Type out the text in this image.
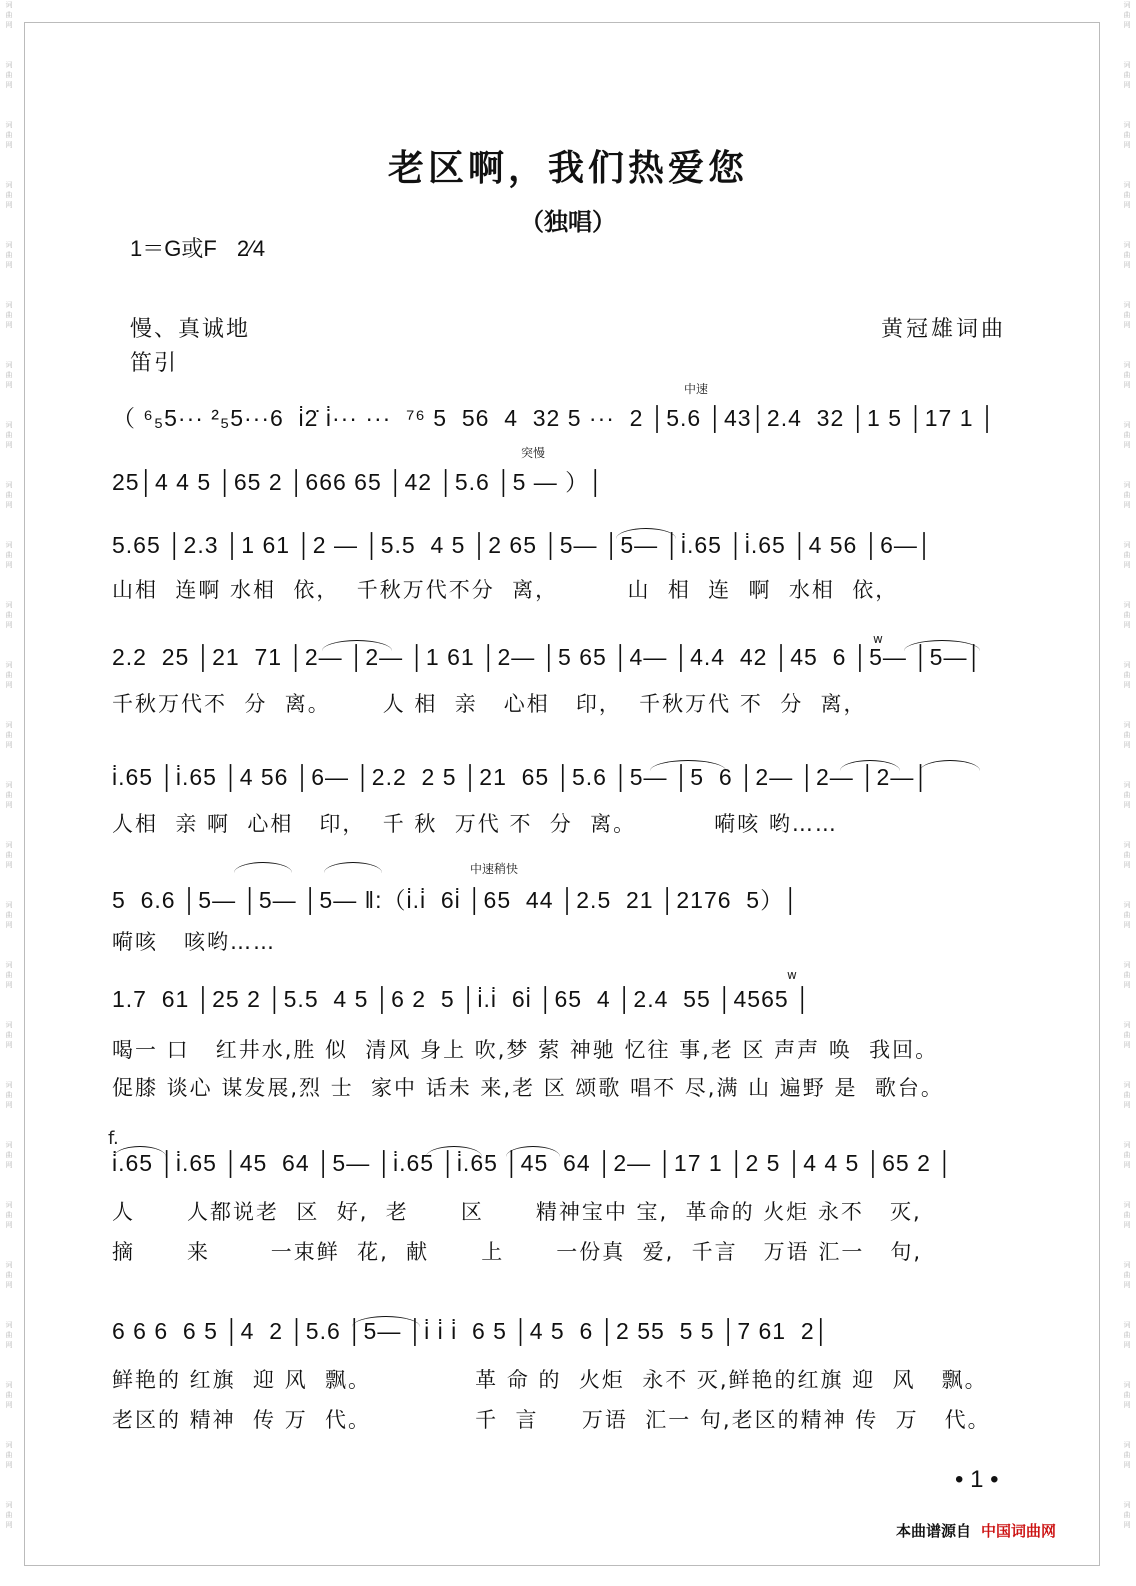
词
曲
网
词
曲
网
词
曲
网
词
曲
网
词
曲
网
词
曲
网
词
曲
网
词
曲
网
词
曲
网
词
曲
网
词
曲
网
词
曲
网
词
曲
网
词
曲
网
词
曲
网
词
曲
网
词
曲
网
词
曲
网
词
曲
网
词
曲
网
词
曲
网
词
曲
网
词
曲
网
词
曲
网
词
曲
网
词
曲
网
词
曲
网
词
曲
网
词
曲
网
词
曲
网
词
曲
网
词
曲
网
词
曲
网
词
曲
网
词
曲
网
词
曲
网
词
曲
网
词
曲
网
词
曲
网
词
曲
网
词
曲
网
词
曲
网
词
曲
网
词
曲
网
词
曲
网
词
曲
网
词
曲
网
词
曲
网
词
曲
网
词
曲
网
词
曲
网
词
曲
网
老区啊，我们热爱您
（独唱）
1＝G或F 2⁄4
慢、真诚地
笛引
黄冠雄词曲
中速
突慢
中速稍快
f.
w
w
（ ⁶₅5··· ²₅5···6  i̇2̇ i̇··· ···  ⁷⁶ 5  56  4  32 5 ···  2 │5.6 │43│2.4  32 │1 5 │17 1 │
25│4 4 5 │65 2 │666 65 │42 │5.6 │5 — ）│
5.65 │2.3 │1 61 │2 — │5.5  4 5 │2 65 │5— │5— │i̇.65 │i̇.65 │4 56 │6—│
山相  连啊 水相  依，  千秋万代不分  离，        山  相  连  啊  水相  依，
2.2  25 │21  71 │2— │2— │1 61 │2— │5 65 │4— │4.4  42 │45  6 │5— │5—│
千秋万代不  分  离。      人 相  亲   心相   印，  千秋万代 不  分  离，
i̇.65 │i̇.65 │4 56 │6— │2.2  2 5 │21  65 │5.6 │5— │5  6 │2— │2— │2—│
人相  亲 啊  心相   印，  千 秋  万代 不  分  离。         嗬咳 哟……
5  6.6 │5— │5— │5— ‖:（i̇.i̇  6i̇ │65  44 │2.5  21 │2176  5）│
嗬咳   咳哟……
1.7  61 │25 2 │5.5  4 5 │6 2  5 │i̇.i̇  6i̇ │65  4 │2.4  55 │4565 │
喝一 口   红井水,胜 似  清风 身上 吹,梦 萦 神驰 忆往 事,老 区 声声 唤  我回。
促膝 谈心 谋发展,烈 士  家中 话未 来,老 区 颂歌 唱不 尽,满 山 遍野 是  歌台。
i̇.65 │i̇.65 │45  64 │5— │i̇.65 │i̇.65 │45  64 │2— │17 1 │2 5 │4 4 5 │65 2 │
人      人都说老  区  好,  老      区      精神宝中 宝,  革命的 火炬 永不   灭,
摘      来       一束鲜  花,  献      上      一份真  爱,  千言   万语 汇一   句,
6 6 6  6 5 │4  2 │5.6 │5— │i̇ i̇ i̇  6 5 │4 5  6 │2 55  5 5 │7 61  2│
鲜艳的 红旗  迎 风  飘。            革 命 的  火炬  永不 灭,鲜艳的红旗 迎  风   飘。
老区的 精神  传 万  代。            千  言     万语  汇一 句,老区的精神 传  万   代。
• 1 •
本曲谱源自 中国词曲网
